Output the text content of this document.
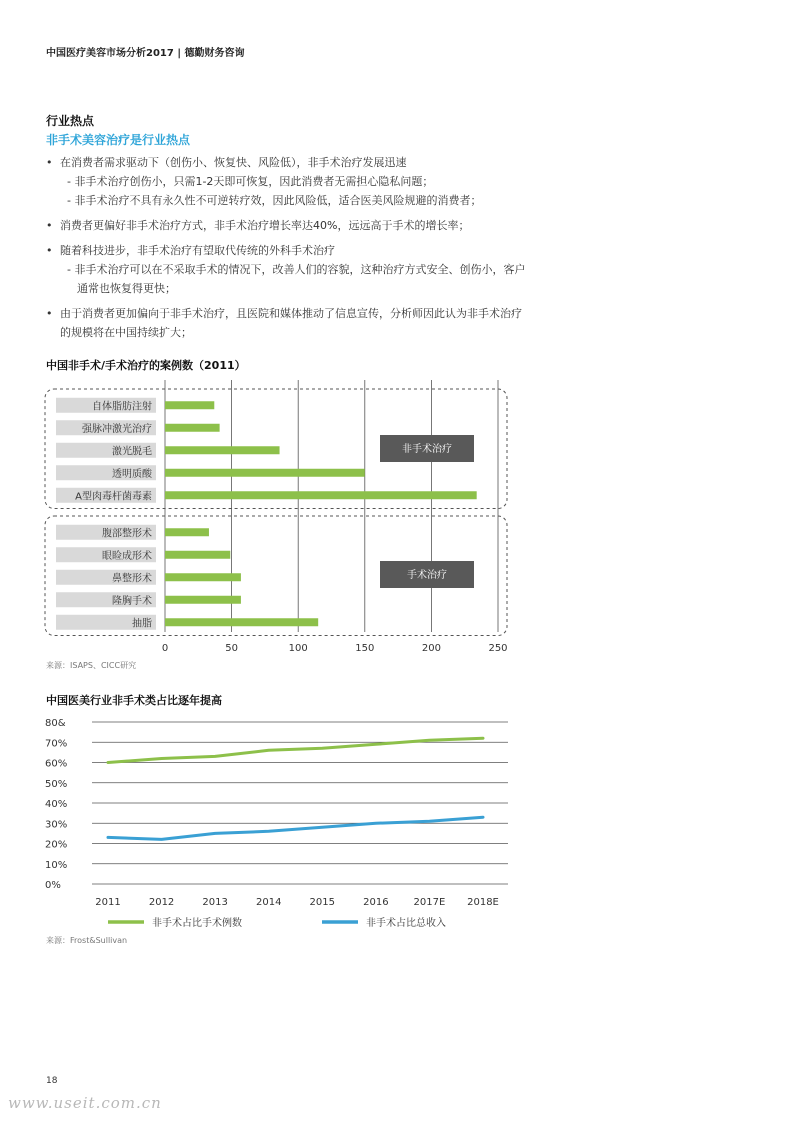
中国医疗美容市场分析2017 | 德勤财务咨询
行业热点
非手术美容治疗是行业热点
• 在消费者需求驱动下（创伤小、恢复快、风险低），非手术治疗发展迅速
- 非手术治疗创伤小，只需1-2天即可恢复，因此消费者无需担心隐私问题；
- 非手术治疗不具有永久性不可逆转疗效，因此风险低，适合医美风险规避的消费者；
• 消费者更偏好非手术治疗方式，非手术治疗增长率达40%，远远高于手术的增长率；
• 随着科技进步，非手术治疗有望取代传统的外科手术治疗
- 非手术治疗可以在不采取手术的情况下，改善人们的容貌，这种治疗方式安全、创伤小，客户通常也恢复得更快；
• 由于消费者更加偏向于非手术治疗，且医院和媒体推动了信息宣传，分析师因此认为非手术治疗的规模将在中国持续扩大；
中国非手术/手术治疗的案例数（2011）
自体脂肪注射
强脉冲激光治疗
激光脱毛
透明质酸
A型肉毒杆菌毒素
非手术治疗
腹部整形术
眼睑成形术
鼻整形术
隆胸手术
抽脂
手术治疗
0	50	100	150	200	250
来源：ISAPS、CICC研究
中国医美行业非手术类占比逐年提高
0%
10%
20%
30%
40%
50%
60%
70%
80&
2011	2012	2013	2014	2015	2016 2017E 2018E
非手术占比手术例数	非手术占比总收入
来源：Frost&Sullivan
18
www.useit.com.cn
